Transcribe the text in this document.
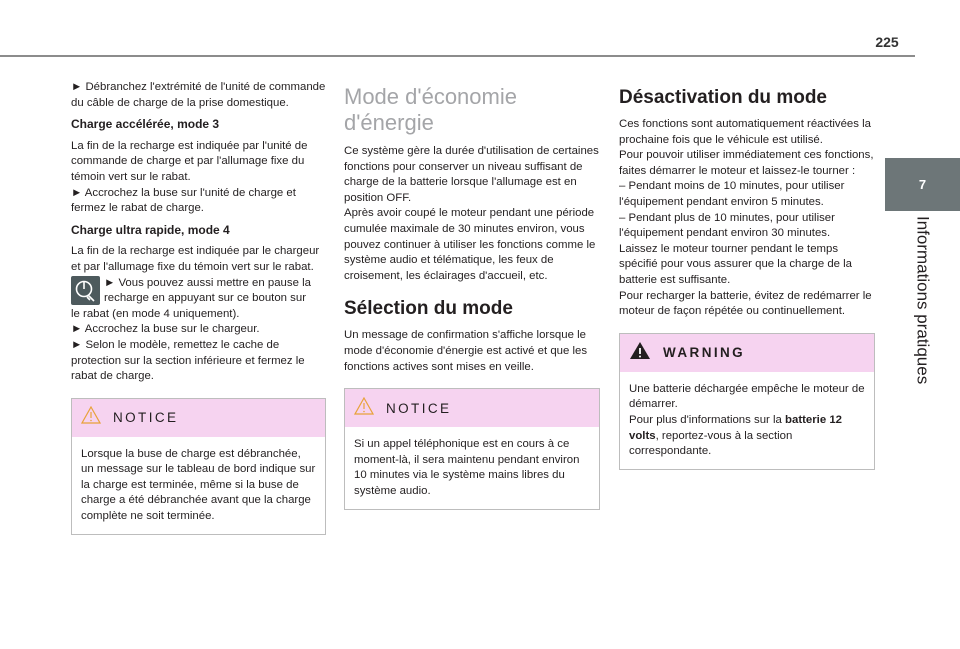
225
7
Informations pratiques

► Débranchez l'extrémité de l'unité de commande du câble de charge de la prise domestique.

Charge accélérée, mode 3

La fin de la recharge est indiquée par l'unité de commande de charge et par l'allumage fixe du témoin vert sur le rabat.

► Accrochez la buse sur l'unité de charge et fermez le rabat de charge.

Charge ultra rapide, mode 4

La fin de la recharge est indiquée par le chargeur et par l'allumage fixe du témoin vert sur le rabat.

► Vous pouvez aussi mettre en pause la recharge en appuyant sur ce bouton sur

le rabat (en mode 4 uniquement).

► Accrochez la buse sur le chargeur.

► Selon le modèle, remettez le cache de protection sur la section inférieure et fermez le rabat de charge.

NOTICE

Lorsque la buse de charge est débranchée, un message sur le tableau de bord indique sur la charge est terminée, même si la buse de charge a été débranchée avant que la charge complète ne soit terminée.

Mode d'économie d'énergie

Ce système gère la durée d'utilisation de certaines fonctions pour conserver un niveau suffisant de charge de la batterie lorsque l'allumage est en position OFF.

Après avoir coupé le moteur pendant une période cumulée maximale de 30 minutes environ, vous pouvez continuer à utiliser les fonctions comme le système audio et télématique, les feux de croisement, les éclairages d'accueil, etc.

Sélection du mode

Un message de confirmation s'affiche lorsque le mode d'économie d'énergie est activé et que les fonctions actives sont mises en veille.

NOTICE

Si un appel téléphonique est en cours à ce moment-là, il sera maintenu pendant environ 10 minutes via le système mains libres du système audio.

Désactivation du mode

Ces fonctions sont automatiquement réactivées la prochaine fois que le véhicule est utilisé.

Pour pouvoir utiliser immédiatement ces fonctions, faites démarrer le moteur et laissez-le tourner :

– Pendant moins de 10 minutes, pour utiliser l'équipement pendant environ 5 minutes.

– Pendant plus de 10 minutes, pour utiliser l'équipement pendant environ 30 minutes.

Laissez le moteur tourner pendant le temps spécifié pour vous assurer que la charge de la batterie est suffisante.

Pour recharger la batterie, évitez de redémarrer le moteur de façon répétée ou continuellement.

WARNING

Une batterie déchargée empêche le moteur de démarrer.

Pour plus d'informations sur la batterie 12 volts, reportez-vous à la section correspondante.
